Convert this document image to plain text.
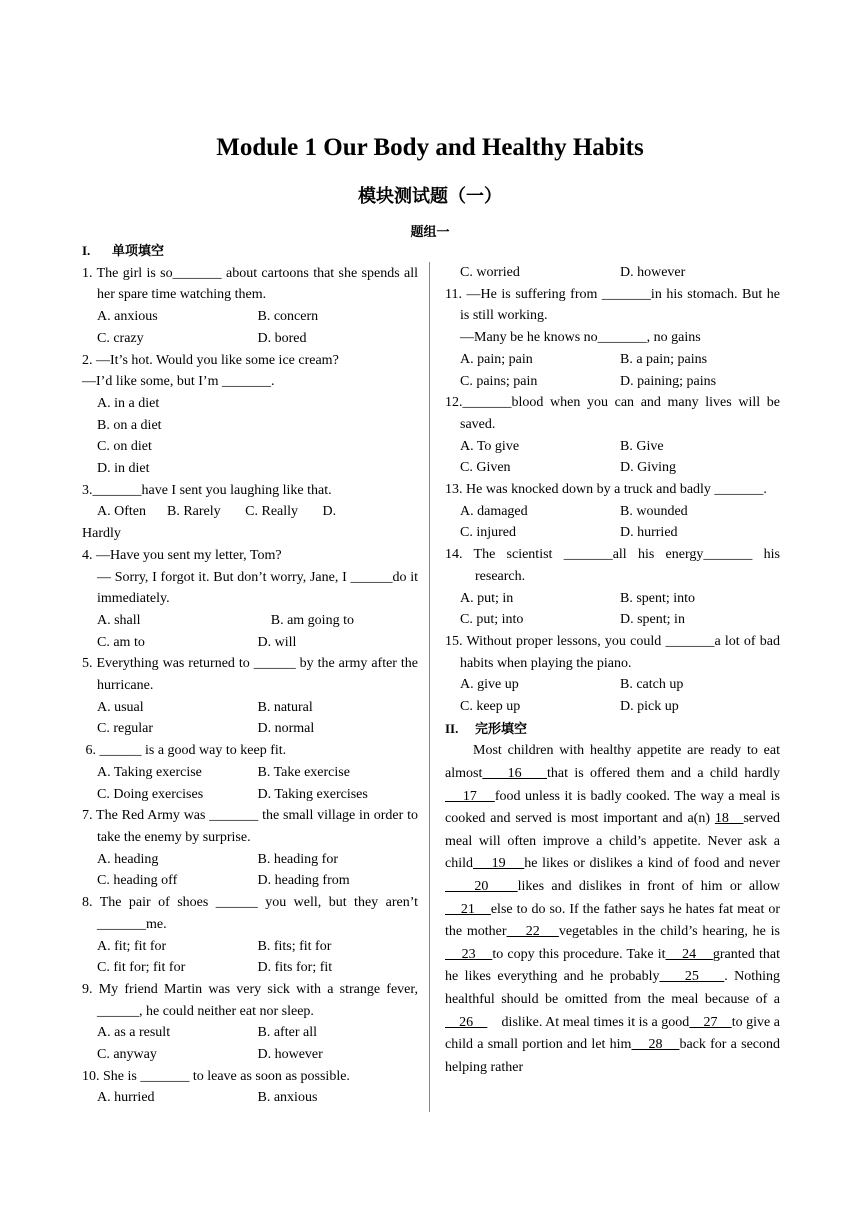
Module 1 Our Body and Healthy Habits
模块测试题（一）
题组一
I. 单项填空
1. The girl is so_______ about cartoons that she spends all her spare time watching them.
A. anxious	B. concern
C. crazy	D. bored
2. —It’s hot. Would you like some ice cream?
—I’d like some, but I’m _______.
A. in a diet
B. on a diet
C. on diet
D. in diet
3._______have I sent you laughing like that.
A. Often      B. Rarely       C. Really       D.
Hardly
4. —Have you sent my letter, Tom?
— Sorry, I forgot it. But don’t worry, Jane, I ______do it immediately.
A. shall	B. am going to
C. am to	D. will
5. Everything was returned to ______ by the army after the hurricane.
A. usual	B. natural
C. regular	D. normal
6. ______ is a good way to keep fit.
A. Taking exercise	B. Take exercise
C. Doing exercises	D. Taking exercises
7. The Red Army was _______ the small village in order to take the enemy by surprise.
A. heading	B. heading for
C. heading off	D. heading from
8. The pair of shoes ______ you well, but they aren’t _______me.
A. fit; fit for	B. fits; fit for
C. fit for; fit for	D. fits for; fit
9. My friend Martin was very sick with a strange fever, ______, he could neither eat nor sleep.
A. as a result	B. after all
C. anyway	D. however
10. She is _______ to leave as soon as possible.
A. hurried	B. anxious
C. worried	D. however
11. —He is suffering from _______in his stomach. But he is still working.
—Many be he knows no_______, no gains
A. pain; pain	B. a pain; pains
C. pains; pain	D. paining; pains
12._______blood when you can and many lives will be saved.
A. To give	B. Give
C. Given	D. Giving
13. He was knocked down by a truck and badly _______.
A. damaged	B. wounded
C. injured	D. hurried
14. The scientist _______all his energy_______ his research.
A. put; in	B. spent; into
C. put; into	D. spent; in
15. Without proper lessons, you could _______a lot of bad habits when playing the piano.
A. give up	B. catch up
C. keep up	D. pick up
II. 完形填空
Most children with healthy appetite are ready to eat almost    16    that is offered them and a child hardly    17    food unless it is badly cooked. The way a meal is cooked and served is most important and a(n) 18   served meal will often improve a child’s appetite. Never ask a child    19    he likes or dislikes a kind of food and never    20    likes and dislikes in front of him or allow    21    else to do so. If the father says he hates fat meat or the mother    22    vegetables in the child’s hearing, he is    23    to copy this procedure. Take it    24    granted that he likes everything and he probably    25    . Nothing healthful should be omitted from the meal because of a    26        dislike. At meal times it is a good    27    to give a child a small portion and let him    28    back for a second helping rather
